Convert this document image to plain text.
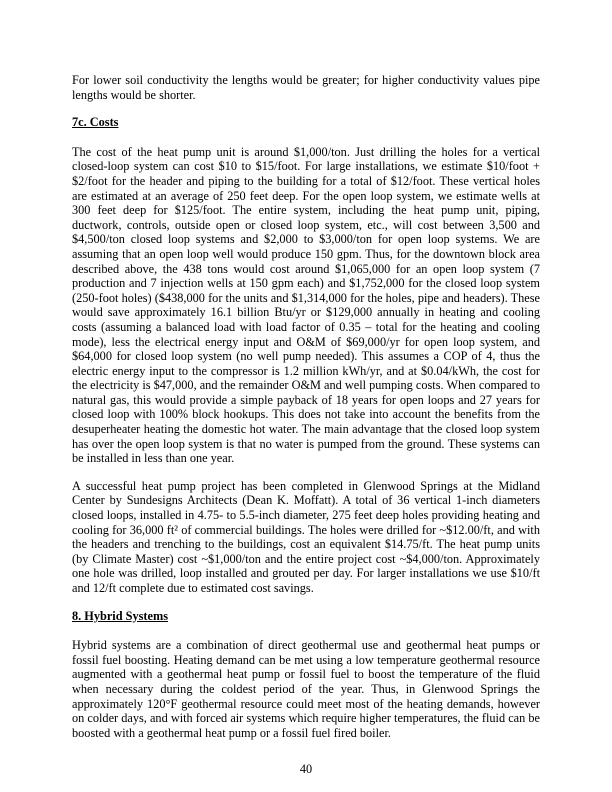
For lower soil conductivity the lengths would be greater; for higher conductivity values pipe lengths would be shorter.

7c. Costs

The cost of the heat pump unit is around $1,000/ton. Just drilling the holes for a vertical closed-loop system can cost $10 to $15/foot. For large installations, we estimate $10/foot + $2/foot for the header and piping to the building for a total of $12/foot. These vertical holes are estimated at an average of 250 feet deep. For the open loop system, we estimate wells at 300 feet deep for $125/foot. The entire system, including the heat pump unit, piping, ductwork, controls, outside open or closed loop system, etc., will cost between 3,500 and $4,500/ton closed loop systems and $2,000 to $3,000/ton for open loop systems. We are assuming that an open loop well would produce 150 gpm. Thus, for the downtown block area described above, the 438 tons would cost around $1,065,000 for an open loop system (7 production and 7 injection wells at 150 gpm each) and $1,752,000 for the closed loop system (250-foot holes) ($438,000 for the units and $1,314,000 for the holes, pipe and headers). These would save approximately 16.1 billion Btu/yr or $129,000 annually in heating and cooling costs (assuming a balanced load with load factor of 0.35 – total for the heating and cooling mode), less the electrical energy input and O&M of $69,000/yr for open loop system, and $64,000 for closed loop system (no well pump needed). This assumes a COP of 4, thus the electric energy input to the compressor is 1.2 million kWh/yr, and at $0.04/kWh, the cost for the electricity is $47,000, and the remainder O&M and well pumping costs. When compared to natural gas, this would provide a simple payback of 18 years for open loops and 27 years for closed loop with 100% block hookups. This does not take into account the benefits from the desuperheater heating the domestic hot water. The main advantage that the closed loop system has over the open loop system is that no water is pumped from the ground. These systems can be installed in less than one year.

A successful heat pump project has been completed in Glenwood Springs at the Midland Center by Sundesigns Architects (Dean K. Moffatt). A total of 36 vertical 1-inch diameters closed loops, installed in 4.75- to 5.5-inch diameter, 275 feet deep holes providing heating and cooling for 36,000 ft² of commercial buildings. The holes were drilled for ~$12.00/ft, and with the headers and trenching to the buildings, cost an equivalent $14.75/ft. The heat pump units (by Climate Master) cost ~$1,000/ton and the entire project cost ~$4,000/ton. Approximately one hole was drilled, loop installed and grouted per day. For larger installations we use $10/ft and 12/ft complete due to estimated cost savings.

8. Hybrid Systems

Hybrid systems are a combination of direct geothermal use and geothermal heat pumps or fossil fuel boosting. Heating demand can be met using a low temperature geothermal resource augmented with a geothermal heat pump or fossil fuel to boost the temperature of the fluid when necessary during the coldest period of the year. Thus, in Glenwood Springs the approximately 120°F geothermal resource could meet most of the heating demands, however on colder days, and with forced air systems which require higher temperatures, the fluid can be boosted with a geothermal heat pump or a fossil fuel fired boiler.

40
